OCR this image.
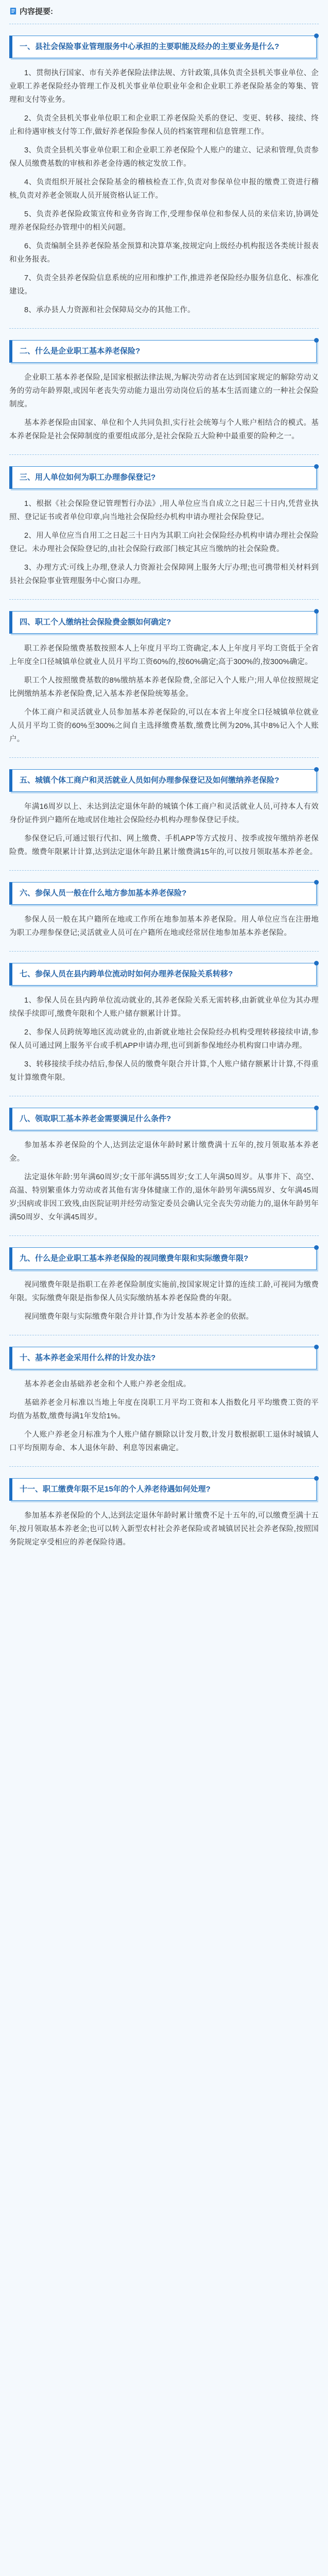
内容提要:
一、县社会保险事业管理服务中心承担的主要职能及经办的主要业务是什么?

1、贯彻执行国家、市有关养老保险法律法规、方针政策,具体负责全县机关事业单位、企业职工养老保险经办管理工作及机关事业单位职业年金和企业职工养老保险基金的筹集、管理和支付等业务。

2、负责全县机关事业单位职工和企业职工养老保险关系的登记、变更、转移、接续、终止和待遇审核支付等工作,做好养老保险参保人员的档案管理和信息管理工作。

3、负责全县机关事业单位职工和企业职工养老保险个人账户的建立、记录和管理,负责参保人员缴费基数的审核和养老金待遇的核定发放工作。

4、负责组织开展社会保险基金的稽核检查工作,负责对参保单位申报的缴费工资进行稽核,负责对养老金领取人员开展资格认证工作。

5、负责养老保险政策宣传和业务咨询工作,受理参保单位和参保人员的来信来访,协调处理养老保险经办管理中的相关问题。

6、负责编制全县养老保险基金预算和决算草案,按规定向上级经办机构报送各类统计报表和业务报表。

7、负责全县养老保险信息系统的应用和维护工作,推进养老保险经办服务信息化、标准化建设。

8、承办县人力资源和社会保障局交办的其他工作。

二、什么是企业职工基本养老保险?

企业职工基本养老保险,是国家根据法律法规,为解决劳动者在达到国家规定的解除劳动义务的劳动年龄界限,或因年老丧失劳动能力退出劳动岗位后的基本生活而建立的一种社会保险制度。

基本养老保险由国家、单位和个人共同负担,实行社会统筹与个人账户相结合的模式。基本养老保险是社会保障制度的重要组成部分,是社会保险五大险种中最重要的险种之一。

三、用人单位如何为职工办理参保登记?

1、根据《社会保险登记管理暂行办法》,用人单位应当自成立之日起三十日内,凭营业执照、登记证书或者单位印章,向当地社会保险经办机构申请办理社会保险登记。

2、用人单位应当自用工之日起三十日内为其职工向社会保险经办机构申请办理社会保险登记。未办理社会保险登记的,由社会保险行政部门核定其应当缴纳的社会保险费。

3、办理方式:可线上办理,登录人力资源社会保障网上服务大厅办理;也可携带相关材料到县社会保险事业管理服务中心窗口办理。

四、职工个人缴纳社会保险费金额如何确定?

职工养老保险缴费基数按照本人上年度月平均工资确定,本人上年度月平均工资低于全省上年度全口径城镇单位就业人员月平均工资60%的,按60%确定;高于300%的,按300%确定。

职工个人按照缴费基数的8%缴纳基本养老保险费,全部记入个人账户;用人单位按照规定比例缴纳基本养老保险费,记入基本养老保险统筹基金。

个体工商户和灵活就业人员参加基本养老保险的,可以在本省上年度全口径城镇单位就业人员月平均工资的60%至300%之间自主选择缴费基数,缴费比例为20%,其中8%记入个人账户。

五、城镇个体工商户和灵活就业人员如何办理参保登记及如何缴纳养老保险?

年满16周岁以上、未达到法定退休年龄的城镇个体工商户和灵活就业人员,可持本人有效身份证件到户籍所在地或居住地社会保险经办机构办理参保登记手续。

参保登记后,可通过银行代扣、网上缴费、手机APP等方式按月、按季或按年缴纳养老保险费。缴费年限累计计算,达到法定退休年龄且累计缴费满15年的,可以按月领取基本养老金。

六、参保人员一般在什么地方参加基本养老保险?

参保人员一般在其户籍所在地或工作所在地参加基本养老保险。用人单位应当在注册地为职工办理参保登记;灵活就业人员可在户籍所在地或经常居住地参加基本养老保险。

七、参保人员在县内跨单位流动时如何办理养老保险关系转移?

1、参保人员在县内跨单位流动就业的,其养老保险关系无需转移,由新就业单位为其办理续保手续即可,缴费年限和个人账户储存额累计计算。

2、参保人员跨统筹地区流动就业的,由新就业地社会保险经办机构受理转移接续申请,参保人员可通过网上服务平台或手机APP申请办理,也可到新参保地经办机构窗口申请办理。

3、转移接续手续办结后,参保人员的缴费年限合并计算,个人账户储存额累计计算,不得重复计算缴费年限。

八、领取职工基本养老金需要满足什么条件?

参加基本养老保险的个人,达到法定退休年龄时累计缴费满十五年的,按月领取基本养老金。

法定退休年龄:男年满60周岁;女干部年满55周岁;女工人年满50周岁。从事井下、高空、高温、特别繁重体力劳动或者其他有害身体健康工作的,退休年龄男年满55周岁、女年满45周岁;因病或非因工致残,由医院证明并经劳动鉴定委员会确认完全丧失劳动能力的,退休年龄男年满50周岁、女年满45周岁。

九、什么是企业职工基本养老保险的视同缴费年限和实际缴费年限?

视同缴费年限是指职工在养老保险制度实施前,按国家规定计算的连续工龄,可视同为缴费年限。实际缴费年限是指参保人员实际缴纳基本养老保险费的年限。

视同缴费年限与实际缴费年限合并计算,作为计发基本养老金的依据。

十、基本养老金采用什么样的计发办法?

基本养老金由基础养老金和个人账户养老金组成。

基础养老金月标准以当地上年度在岗职工月平均工资和本人指数化月平均缴费工资的平均值为基数,缴费每满1年发给1%。

个人账户养老金月标准为个人账户储存额除以计发月数,计发月数根据职工退休时城镇人口平均预期寿命、本人退休年龄、利息等因素确定。

十一、职工缴费年限不足15年的个人养老待遇如何处理?

参加基本养老保险的个人,达到法定退休年龄时累计缴费不足十五年的,可以缴费至满十五年,按月领取基本养老金;也可以转入新型农村社会养老保险或者城镇居民社会养老保险,按照国务院规定享受相应的养老保险待遇。
